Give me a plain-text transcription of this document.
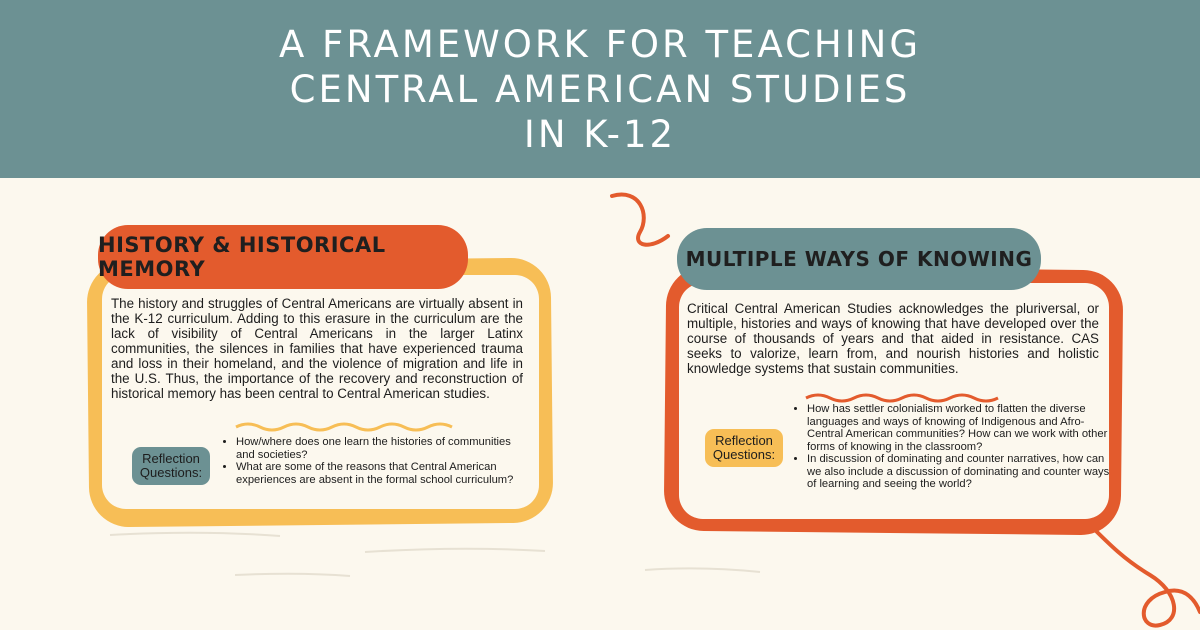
A FRAMEWORK FOR TEACHING
CENTRAL AMERICAN STUDIES
IN K-12
HISTORY & HISTORICAL MEMORY
The history and struggles of Central Americans are virtually absent in the K-12 curriculum. Adding to this erasure in the curriculum are the lack of visibility of Central Americans in the larger Latinx communities, the silences in families that have experienced trauma and loss in their homeland, and the violence of migration and life in the U.S. Thus, the importance of the recovery and reconstruction of historical memory has been central to Central American studies.
Reflection
Questions:
• How/where does one learn the histories of communities and societies?
• What are some of the reasons that Central American experiences are absent in the formal school curriculum?
MULTIPLE WAYS OF KNOWING
Critical Central American Studies acknowledges the pluriversal, or multiple, histories and ways of knowing that have developed over the course of thousands of years and that aided in resistance. CAS seeks to valorize, learn from, and nourish histories and holistic knowledge systems that sustain communities.
Reflection
Questions:
• How has settler colonialism worked to flatten the diverse languages and ways of knowing of Indigenous and Afro-Central American communities? How can we work with other forms of knowing in the classroom?
• In discussion of dominating and counter narratives, how can we also include a discussion of dominating and counter ways of learning and seeing the world?
